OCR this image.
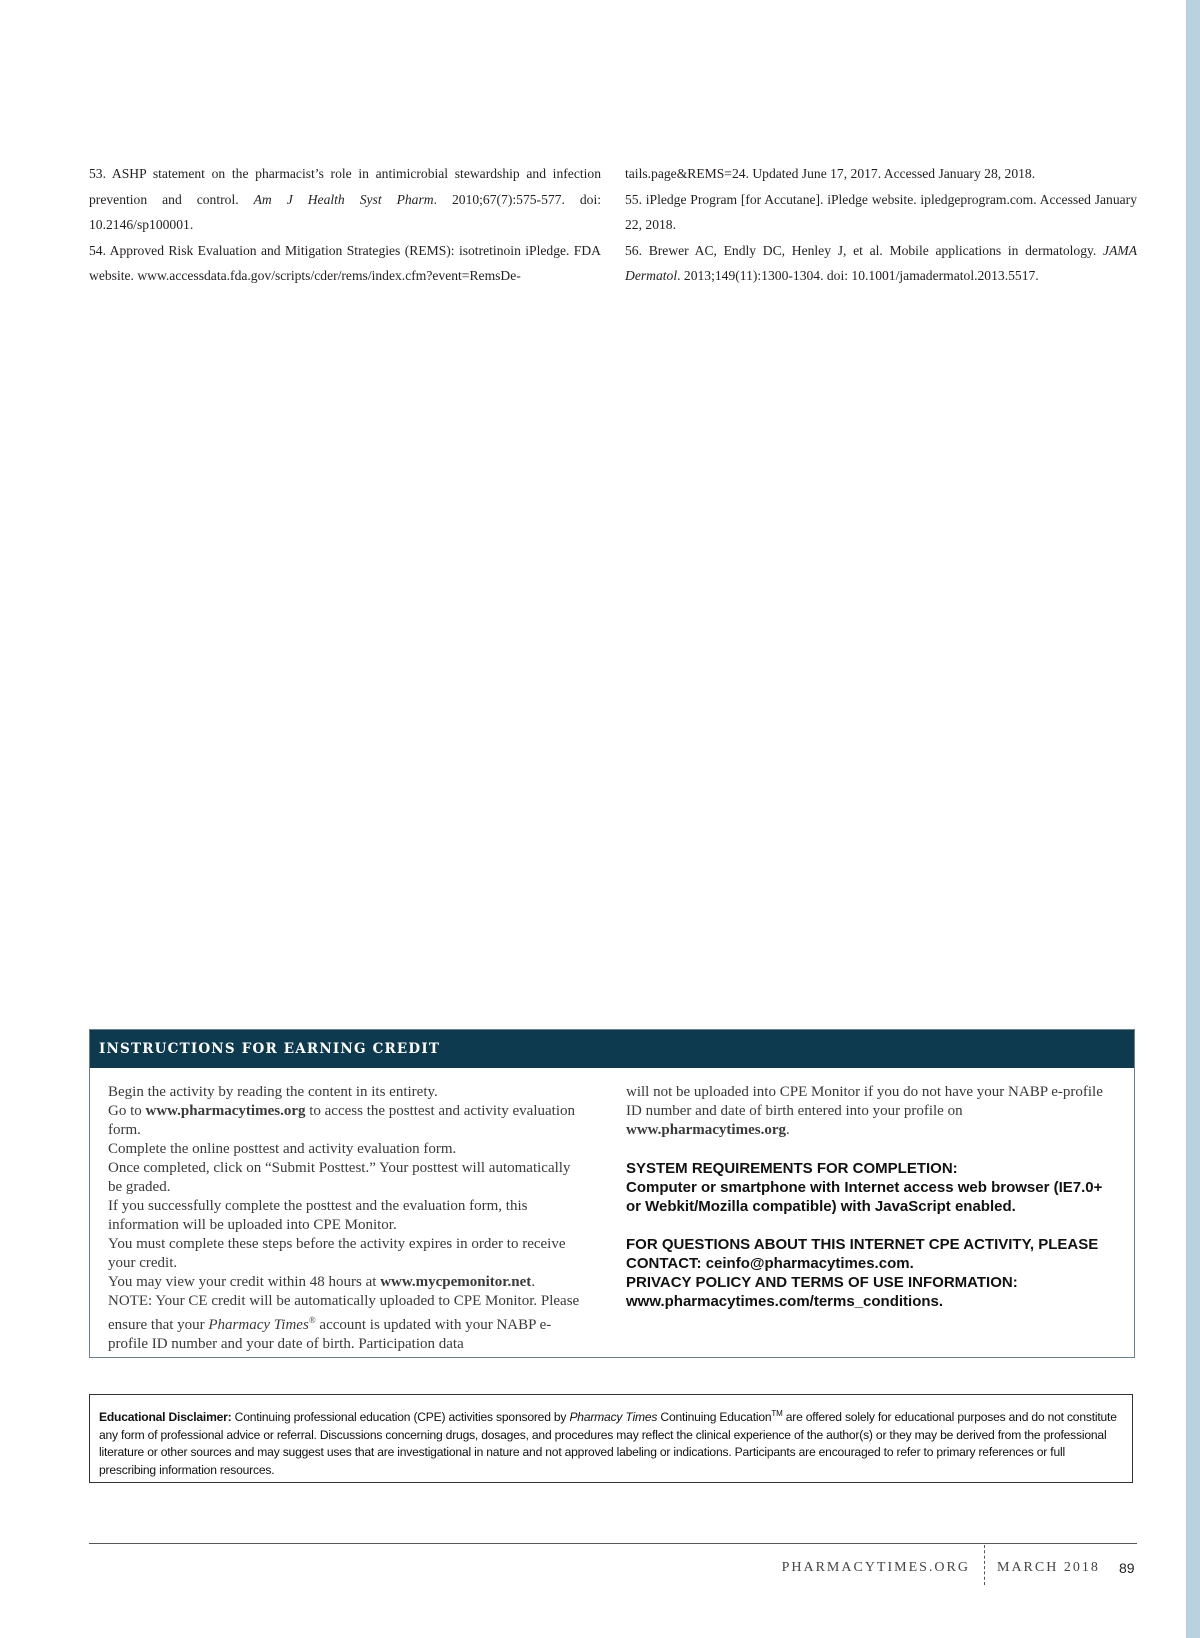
53. ASHP statement on the pharmacist’s role in antimicrobial stewardship and infection prevention and control. Am J Health Syst Pharm. 2010;67(7):575-577. doi: 10.2146/sp100001.

54. Approved Risk Evaluation and Mitigation Strategies (REMS): isotretinoin iPledge. FDA website. www.accessdata.fda.gov/scripts/cder/rems/index.cfm?event=RemsDe-

tails.page&REMS=24. Updated June 17, 2017. Accessed January 28, 2018.

55. iPledge Program [for Accutane]. iPledge website. ipledgeprogram.com. Accessed January 22, 2018.

56. Brewer AC, Endly DC, Henley J, et al. Mobile applications in dermatology. JAMA Dermatol. 2013;149(11):1300-1304. doi: 10.1001/jamadermatol.2013.5517.

INSTRUCTIONS FOR EARNING CREDIT

Begin the activity by reading the content in its entirety.

Go to www.pharmacytimes.org to access the posttest and activity evaluation form.

Complete the online posttest and activity evaluation form.

Once completed, click on “Submit Posttest.” Your posttest will automatically be graded.

If you successfully complete the posttest and the evaluation form, this information will be uploaded into CPE Monitor.

You must complete these steps before the activity expires in order to receive your credit.

You may view your credit within 48 hours at www.mycpemonitor.net.

NOTE: Your CE credit will be automatically uploaded to CPE Monitor. Please ensure that your Pharmacy Times® account is updated with your NABP e-profile ID number and your date of birth. Participation data

will not be uploaded into CPE Monitor if you do not have your NABP e-profile ID number and date of birth entered into your profile on www.pharmacytimes.org.

SYSTEM REQUIREMENTS FOR COMPLETION:

Computer or smartphone with Internet access web browser (IE7.0+ or Webkit/Mozilla compatible) with JavaScript enabled.

FOR QUESTIONS ABOUT THIS INTERNET CPE ACTIVITY, PLEASE CONTACT: ceinfo@pharmacytimes.com.

PRIVACY POLICY AND TERMS OF USE INFORMATION:

www.pharmacytimes.com/terms_conditions.

Educational Disclaimer: Continuing professional education (CPE) activities sponsored by Pharmacy Times Continuing Education™ are offered solely for educational purposes and do not constitute any form of professional advice or referral. Discussions concerning drugs, dosages, and procedures may reflect the clinical experience of the author(s) or they may be derived from the professional literature or other sources and may suggest uses that are investigational in nature and not approved labeling or indications. Participants are encouraged to refer to primary references or full prescribing information resources.
PHARMACYTIMES.ORG MARCH 2018 89
